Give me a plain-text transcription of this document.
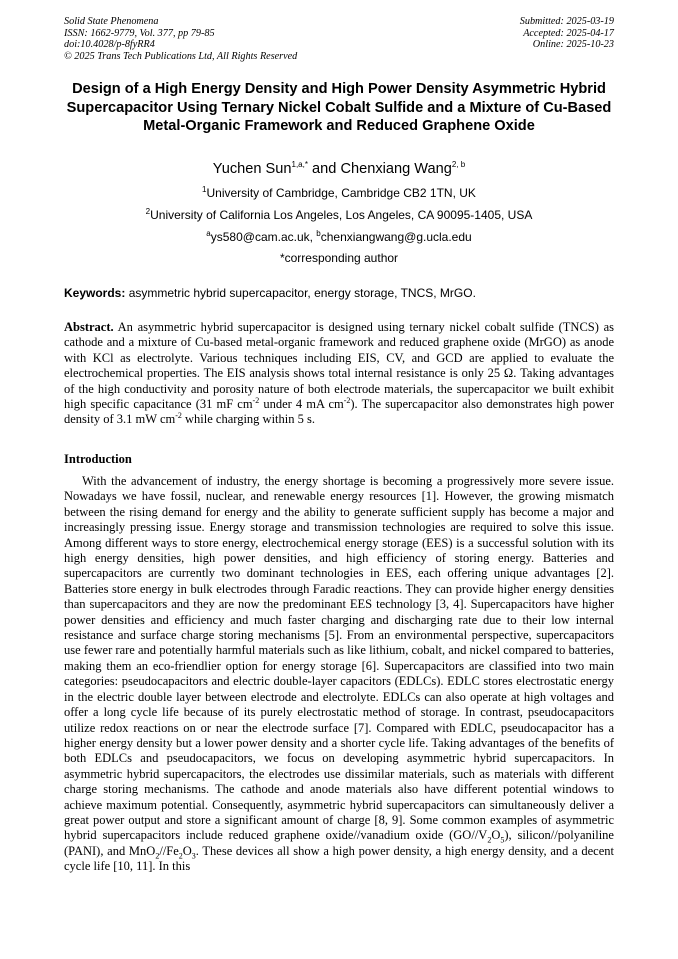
Solid State Phenomena
ISSN: 1662-9779, Vol. 377, pp 79-85
doi:10.4028/p-8fyRR4
© 2025 Trans Tech Publications Ltd, All Rights Reserved
Submitted: 2025-03-19
Accepted: 2025-04-17
Online: 2025-10-23
Design of a High Energy Density and High Power Density Asymmetric Hybrid Supercapacitor Using Ternary Nickel Cobalt Sulfide and a Mixture of Cu-Based Metal-Organic Framework and Reduced Graphene Oxide
Yuchen Sun$^{1,a,*}$ and Chenxiang Wang$^{2, b}$
$^1$University of Cambridge, Cambridge CB2 1TN, UK
$^2$University of California Los Angeles, Los Angeles, CA 90095-1405, USA
$^a$ys580@cam.ac.uk, $^b$chenxiangwang@g.ucla.edu
*corresponding author
Keywords: asymmetric hybrid supercapacitor, energy storage, TNCS, MrGO.
Abstract. An asymmetric hybrid supercapacitor is designed using ternary nickel cobalt sulfide (TNCS) as cathode and a mixture of Cu-based metal-organic framework and reduced graphene oxide (MrGO) as anode with KCl as electrolyte. Various techniques including EIS, CV, and GCD are applied to evaluate the electrochemical properties. The EIS analysis shows total internal resistance is only 25 Ω. Taking advantages of the high conductivity and porosity nature of both electrode materials, the supercapacitor we built exhibit high specific capacitance (31 mF $cm^{-2}$ under 4 mA $cm^{-2}$). The supercapacitor also demonstrates high power density of 3.1 mW $cm^{-2}$ while charging within 5 s.
Introduction
With the advancement of industry, the energy shortage is becoming a progressively more severe issue. Nowadays we have fossil, nuclear, and renewable energy resources [1]. However, the growing mismatch between the rising demand for energy and the ability to generate sufficient supply has become a major and increasingly pressing issue. Energy storage and transmission technologies are required to solve this issue. Among different ways to store energy, electrochemical energy storage (EES) is a successful solution with its high energy densities, high power densities, and high efficiency of storing energy. Batteries and supercapacitors are currently two dominant technologies in EES, each offering unique advantages [2]. Batteries store energy in bulk electrodes through Faradic reactions. They can provide higher energy densities than supercapacitors and they are now the predominant EES technology [3, 4]. Supercapacitors have higher power densities and efficiency and much faster charging and discharging rate due to their low internal resistance and surface charge storing mechanisms [5]. From an environmental perspective, supercapacitors use fewer rare and potentially harmful materials such as like lithium, cobalt, and nickel compared to batteries, making them an eco-friendlier option for energy storage [6]. Supercapacitors are classified into two main categories: pseudocapacitors and electric double-layer capacitors (EDLCs). EDLC stores electrostatic energy in the electric double layer between electrode and electrolyte. EDLCs can also operate at high voltages and offer a long cycle life because of its purely electrostatic method of storage. In contrast, pseudocapacitors utilize redox reactions on or near the electrode surface [7]. Compared with EDLC, pseudocapacitor has a higher energy density but a lower power density and a shorter cycle life. Taking advantages of the benefits of both EDLCs and pseudocapacitors, we focus on developing asymmetric hybrid supercapacitors. In asymmetric hybrid supercapacitors, the electrodes use dissimilar materials, such as materials with different charge storing mechanisms. The cathode and anode materials also have different potential windows to achieve maximum potential. Consequently, asymmetric hybrid supercapacitors can simultaneously deliver a great power output and store a significant amount of charge [8, 9]. Some common examples of asymmetric hybrid supercapacitors include reduced graphene oxide//vanadium oxide $(GO//V_2O_5)$, silicon//polyaniline (PANI), and $MnO_2//Fe_2O_3$. These devices all show a high power density, a high energy density, and a decent cycle life [10, 11]. In this
